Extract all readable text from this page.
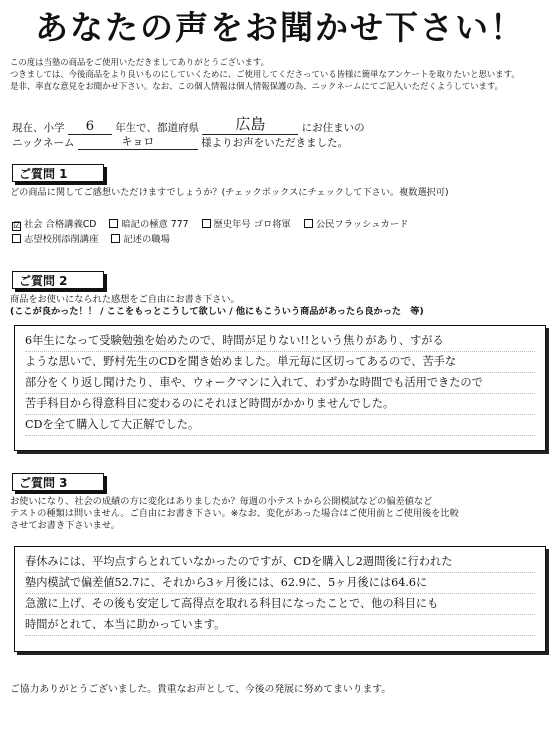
あなたの声をお聞かせ下さい！
この度は当塾の商品をご使用いただきましてありがとうございます。
つきましては、今後商品をより良いものにしていくために、ご使用してくださっている皆様に簡単なアンケートを取りたいと思います。
是非、率直な意見をお聞かせ下さい。なお、この個人情報は個人情報保護の為、ニックネームにてご記入いただくようしています。
現在、小学 6 年生で、都道府県 広島	にお住まいの
ニックネーム	キョロ	様よりお声をいただきました。
ご質問 1
どの商品に関してご感想いただけますでしょうか？(チェックボックスにチェックして下さい。複数選択可)
☑ 社会 合格講義CD	暗記の極意 777	歴史年号 ゴロ将軍	公民フラッシュカード
志望校別添削講座	記述の職場
ご質問 2
商品をお使いになられた感想をご自由にお書き下さい。
(ここが良かった！！ / ここをもっとこうして欲しい / 他にもこういう商品があったら良かった　等)
6年生になって受験勉強を始めたので、時間が足りない!!という焦りがあり、すがる
ような思いで、野村先生のCDを聞き始めました。単元毎に区切ってあるので、苦手な
部分をくり返し聞けたり、車や、ウォークマンに入れて、わずかな時間でも活用できたので
苦手科目から得意科目に変わるのにそれほど時間がかかりませんでした。
CDを全て購入して大正解でした。
ご質問 3
お使いになり、社会の成績の方に変化はありましたか？毎週の小テストから公開模試などの偏差値など
テストの種類は問いません。ご自由にお書き下さい。※なお、変化があった場合はご使用前とご使用後を比較
させてお書き下さいませ。
春休みには、平均点すらとれていなかったのですが、CDを購入し2週間後に行われた
塾内模試で偏差値52.7に、それから3ヶ月後には、62.9に、5ヶ月後には64.6に
急激に上げ、その後も安定して高得点を取れる科目になったことで、他の科目にも
時間がとれて、本当に助かっています。
ご協力ありがとうございました。貴重なお声として、今後の発展に努めてまいります。
